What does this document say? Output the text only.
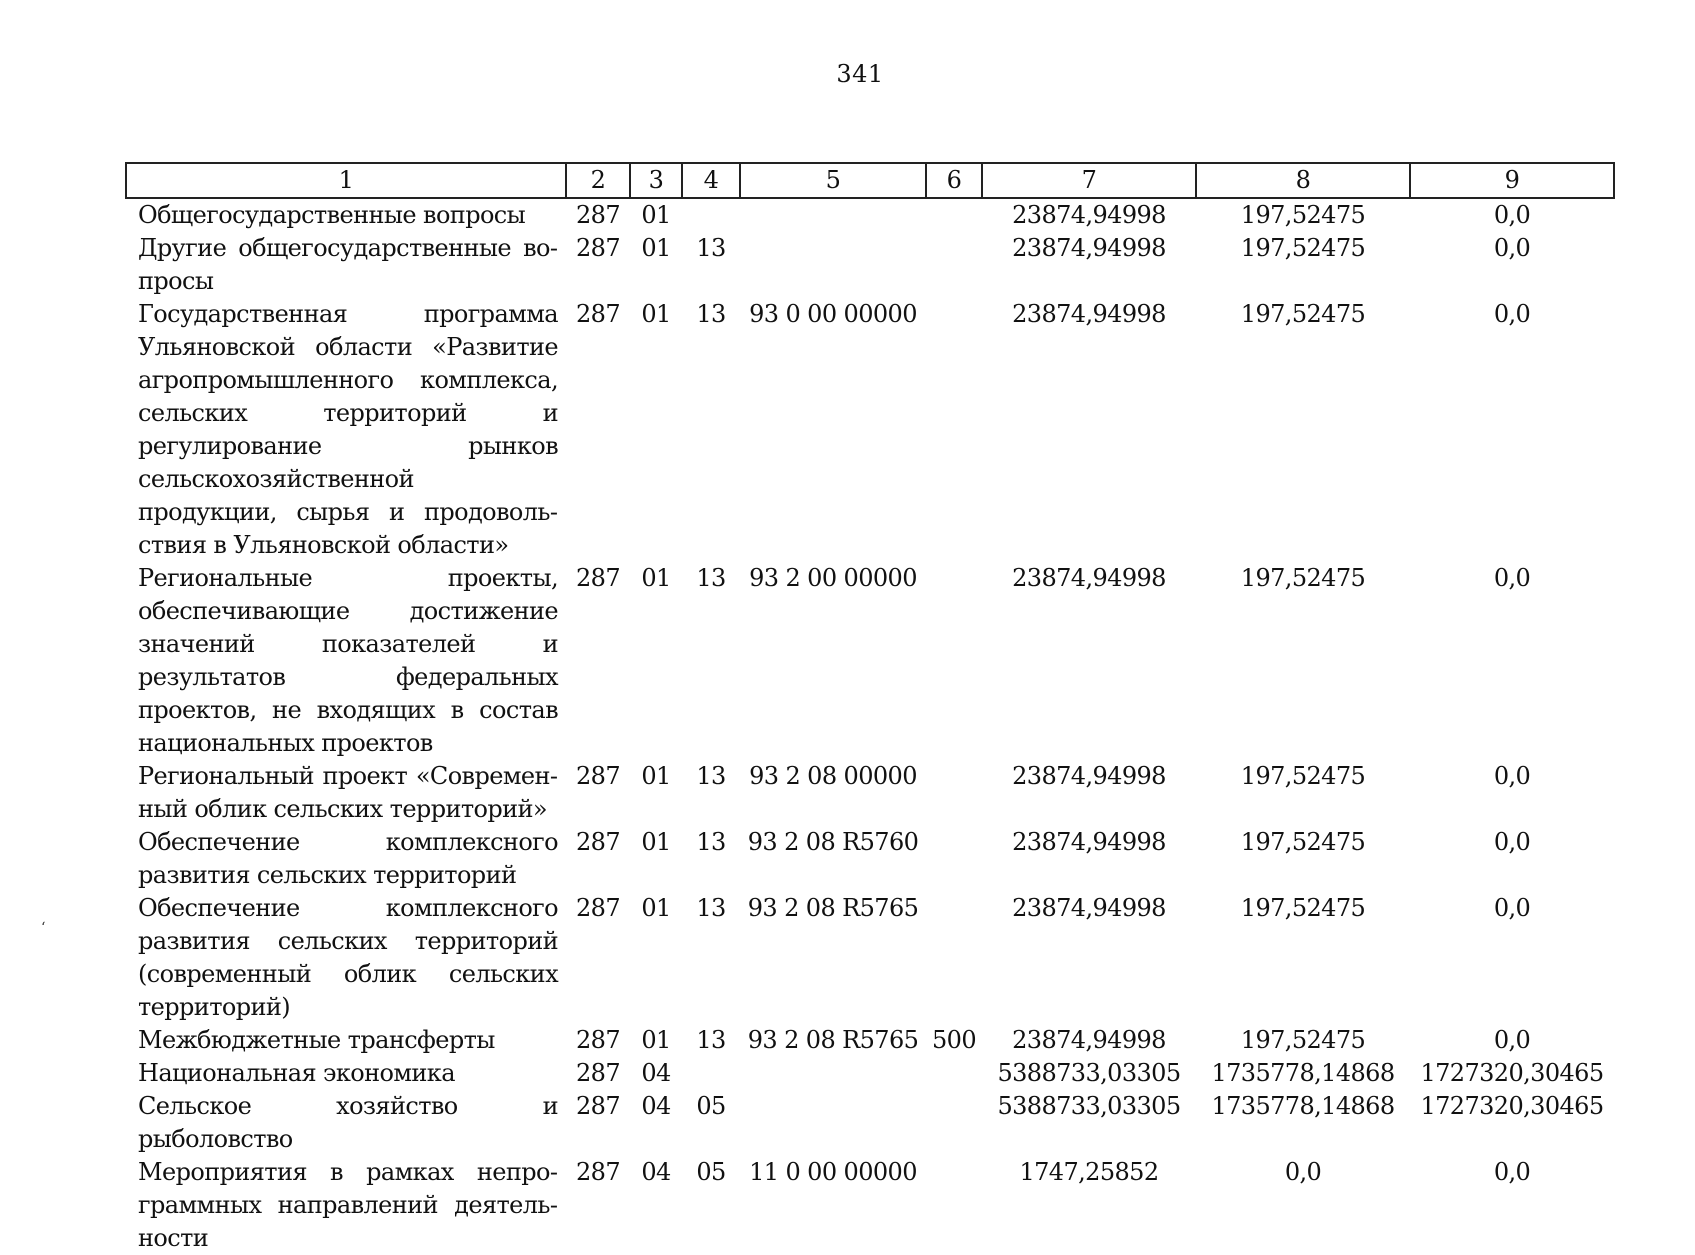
341
‘
1	2	3	4	5	6	7	8	9
Общегосударственные вопросы	287	01				23874,94998	197,52475	0,0
Другие общегосударственные вопросы	287	01	13			23874,94998	197,52475	0,0
Государственная программа Ульяновской области «Развитие агропромышленного комплекса, сельских территорий и регулирование рынков сельскохозяйственной продукции, сырья и продовольствия в Ульяновской области»	287	01	13	93 0 00 00000		23874,94998	197,52475	0,0
Региональные проекты, обеспечивающие достижение значений показателей и результатов федеральных проектов, не входящих в состав национальных проектов	287	01	13	93 2 00 00000		23874,94998	197,52475	0,0
Региональный проект «Современный облик сельских территорий»	287	01	13	93 2 08 00000		23874,94998	197,52475	0,0
Обеспечение комплексного развития сельских территорий	287	01	13	93 2 08 R5760		23874,94998	197,52475	0,0
Обеспечение комплексного развития сельских территорий (современный облик сельских территорий)	287	01	13	93 2 08 R5765		23874,94998	197,52475	0,0
Межбюджетные трансферты	287	01	13	93 2 08 R5765	500	23874,94998	197,52475	0,0
Национальная экономика	287	04				5388733,03305	1735778,14868	1727320,30465
Сельское хозяйство и рыболовство	287	04	05			5388733,03305	1735778,14868	1727320,30465
Мероприятия в рамках непрограммных направлений деятельности	287	04	05	11 0 00 00000		1747,25852	0,0	0,0
